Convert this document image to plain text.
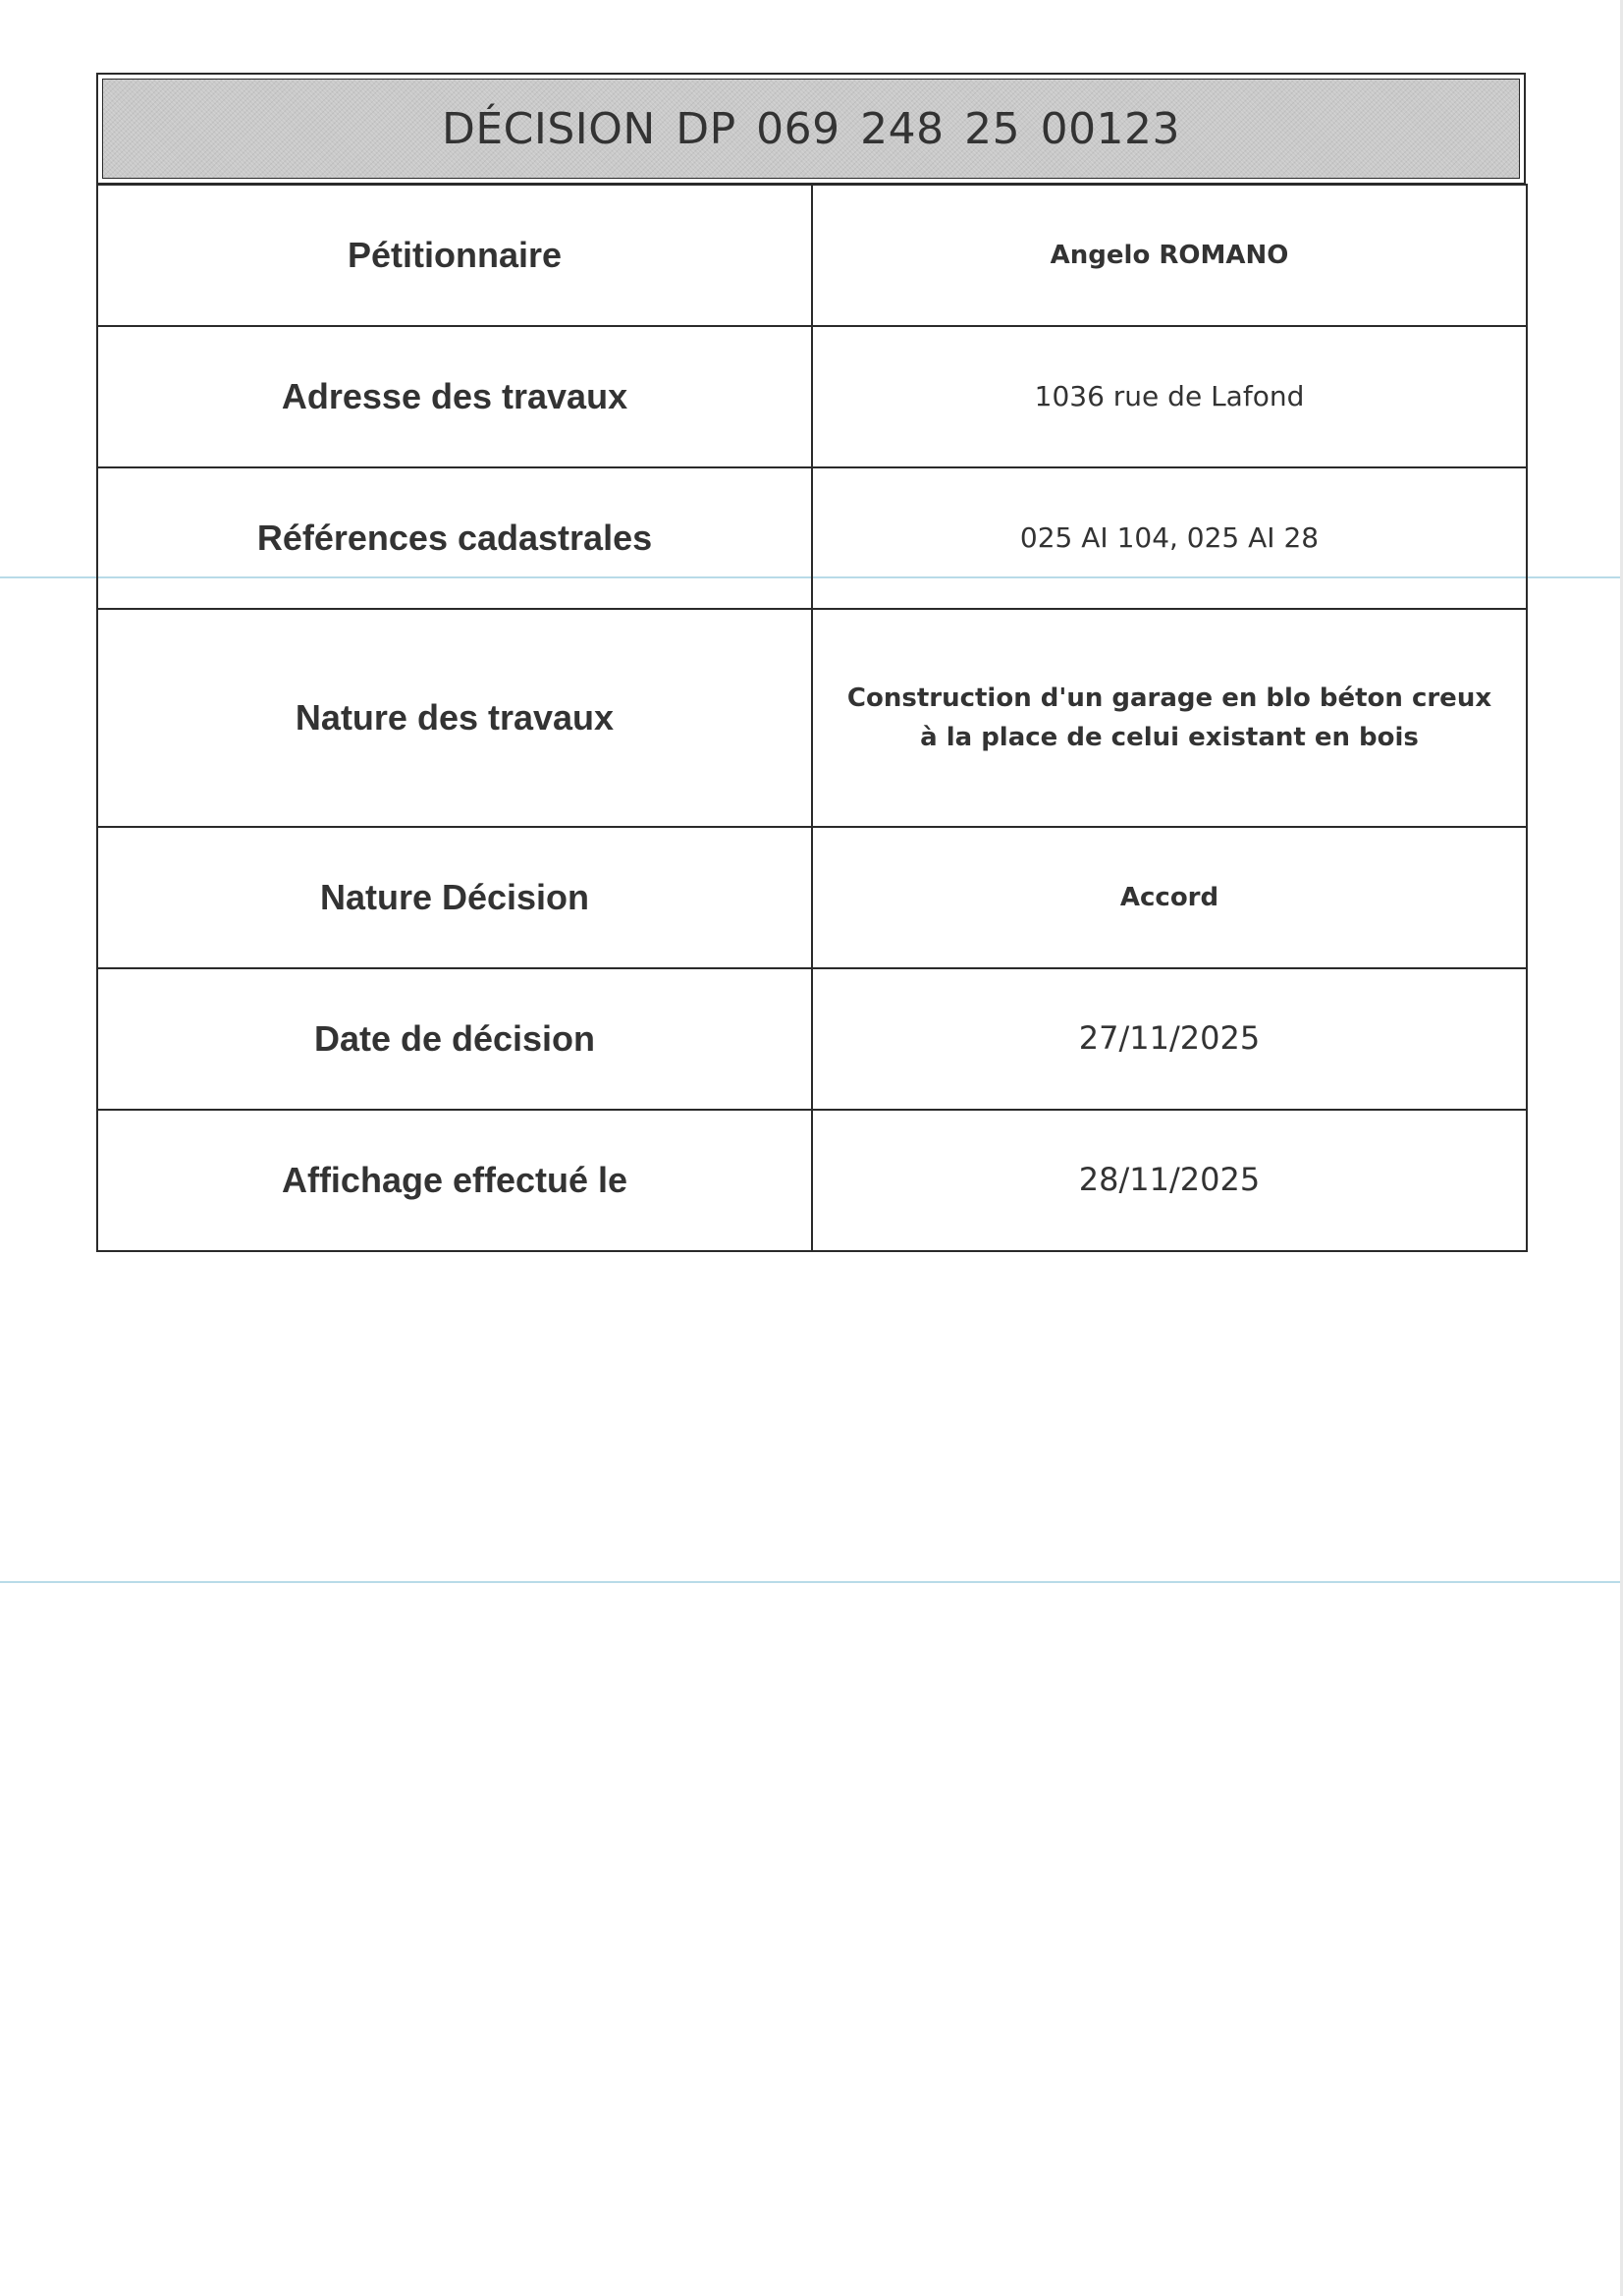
DÉCISION DP 069 248 25 00123
Pétitionnaire	Angelo ROMANO
Adresse des travaux	1036 rue de Lafond
Références cadastrales	025 AI 104, 025 AI 28
Nature des travaux	Construction d'un garage en blo béton creux à la place de celui existant en bois
Nature Décision	Accord
Date de décision	27/11/2025
Affichage effectué le	28/11/2025
